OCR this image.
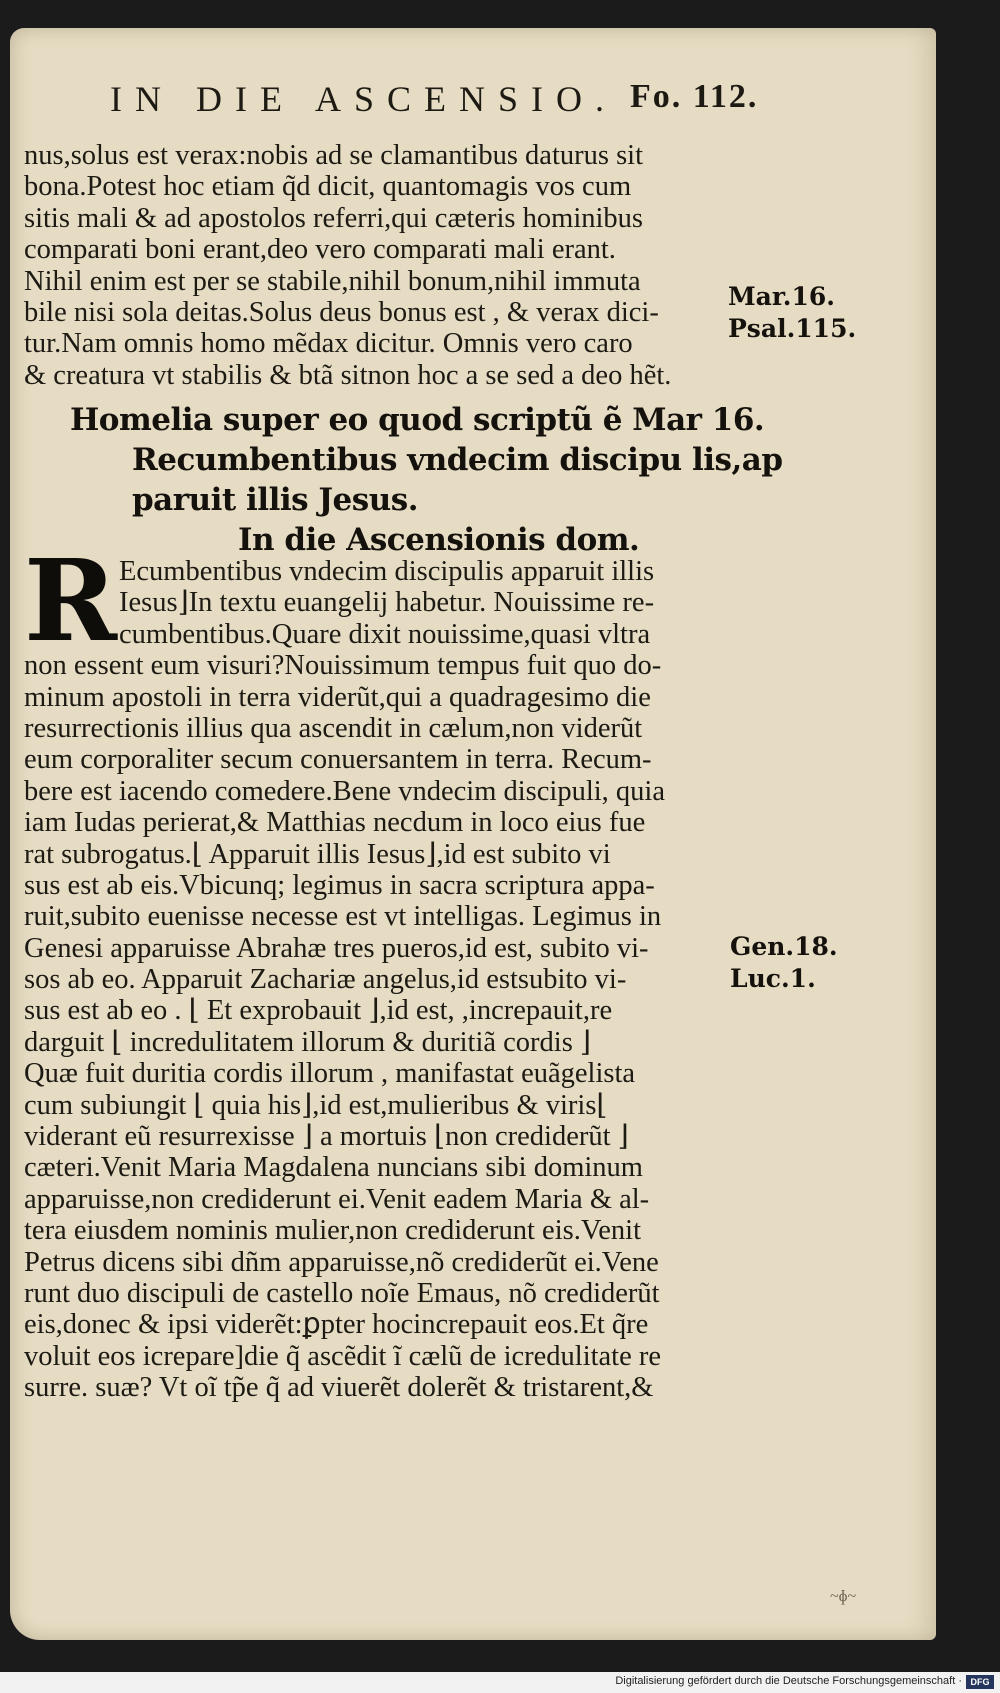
IN DIE ASCENSIO. Fo. 112.
nus,solus est verax:nobis ad se clamantibus daturus sit
bona.Potest hoc etiam q̃d dicit, quantomagis vos cum
sitis mali & ad apostolos referri,qui cæteris hominibus
comparati boni erant,deo vero comparati mali erant.
Nihil enim est per se stabile,nihil bonum,nihil immuta
bile nisi sola deitas.Solus deus bonus est , & verax dici-
tur.Nam omnis homo mẽdax dicitur. Omnis vero caro
& creatura vt stabilis & btã sitnon hoc a se sed a deo hẽt.
Homelia super eo quod scriptũ ẽ Mar 16.
Recumbentibus vndecim discipu lis,ap
paruit illis Jesus.
In die Ascensionis dom.
R Ecumbentibus vndecim discipulis apparuit illis
Iesus⌋In textu euangelij habetur. Nouissime re-
cumbentibus.Quare dixit nouissime,quasi vltra
non essent eum visuri?Nouissimum tempus fuit quo do-
minum apostoli in terra viderũt,qui a quadragesimo die
resurrectionis illius qua ascendit in cælum,non viderũt
eum corporaliter secum conuersantem in terra. Recum-
bere est iacendo comedere.Bene vndecim discipuli, quia
iam Iudas perierat,& Matthias necdum in loco eius fue
rat subrogatus.⌊ Apparuit illis Iesus⌋,id est subito vi
sus est ab eis.Vbicunq; legimus in sacra scriptura appa-
ruit,subito euenisse necesse est vt intelligas. Legimus in
Genesi apparuisse Abrahæ tres pueros,id est, subito vi-
sos ab eo. Apparuit Zachariæ angelus,id estsubito vi-
sus est ab eo . ⌊ Et exprobauit ⌋,id est, ,increpauit,re
darguit ⌊ incredulitatem illorum & duritiã cordis ⌋
Quæ fuit duritia cordis illorum , manifastat euãgelista
cum subiungit ⌊ quia his⌋,id est,mulieribus & viris⌊
viderant eũ resurrexisse ⌋ a mortuis ⌊non crediderũt ⌋
cæteri.Venit Maria Magdalena nuncians sibi dominum
apparuisse,non crediderunt ei.Venit eadem Maria & al-
tera eiusdem nominis mulier,non crediderunt eis.Venit
Petrus dicens sibi dñm apparuisse,nõ crediderũt ei.Vene
runt duo discipuli de castello noĩe Emaus, nõ crediderũt
eis,donec & ipsi viderẽt:ꝑpter hocincrepauit eos.Et q̃re
voluit eos icrepare]die q̃ ascẽdit ĩ cælũ de icredulitate re
surre. suæ? Vt oĩ tp̃e q̃ ad viuerẽt dolerẽt & tristarent,&
Mar.16.
Psal.115.
Gen.18.
Luc.1.
~ɸ~
Digitalisierung gefördert durch die Deutsche Forschungsgemeinschaft · DFG
